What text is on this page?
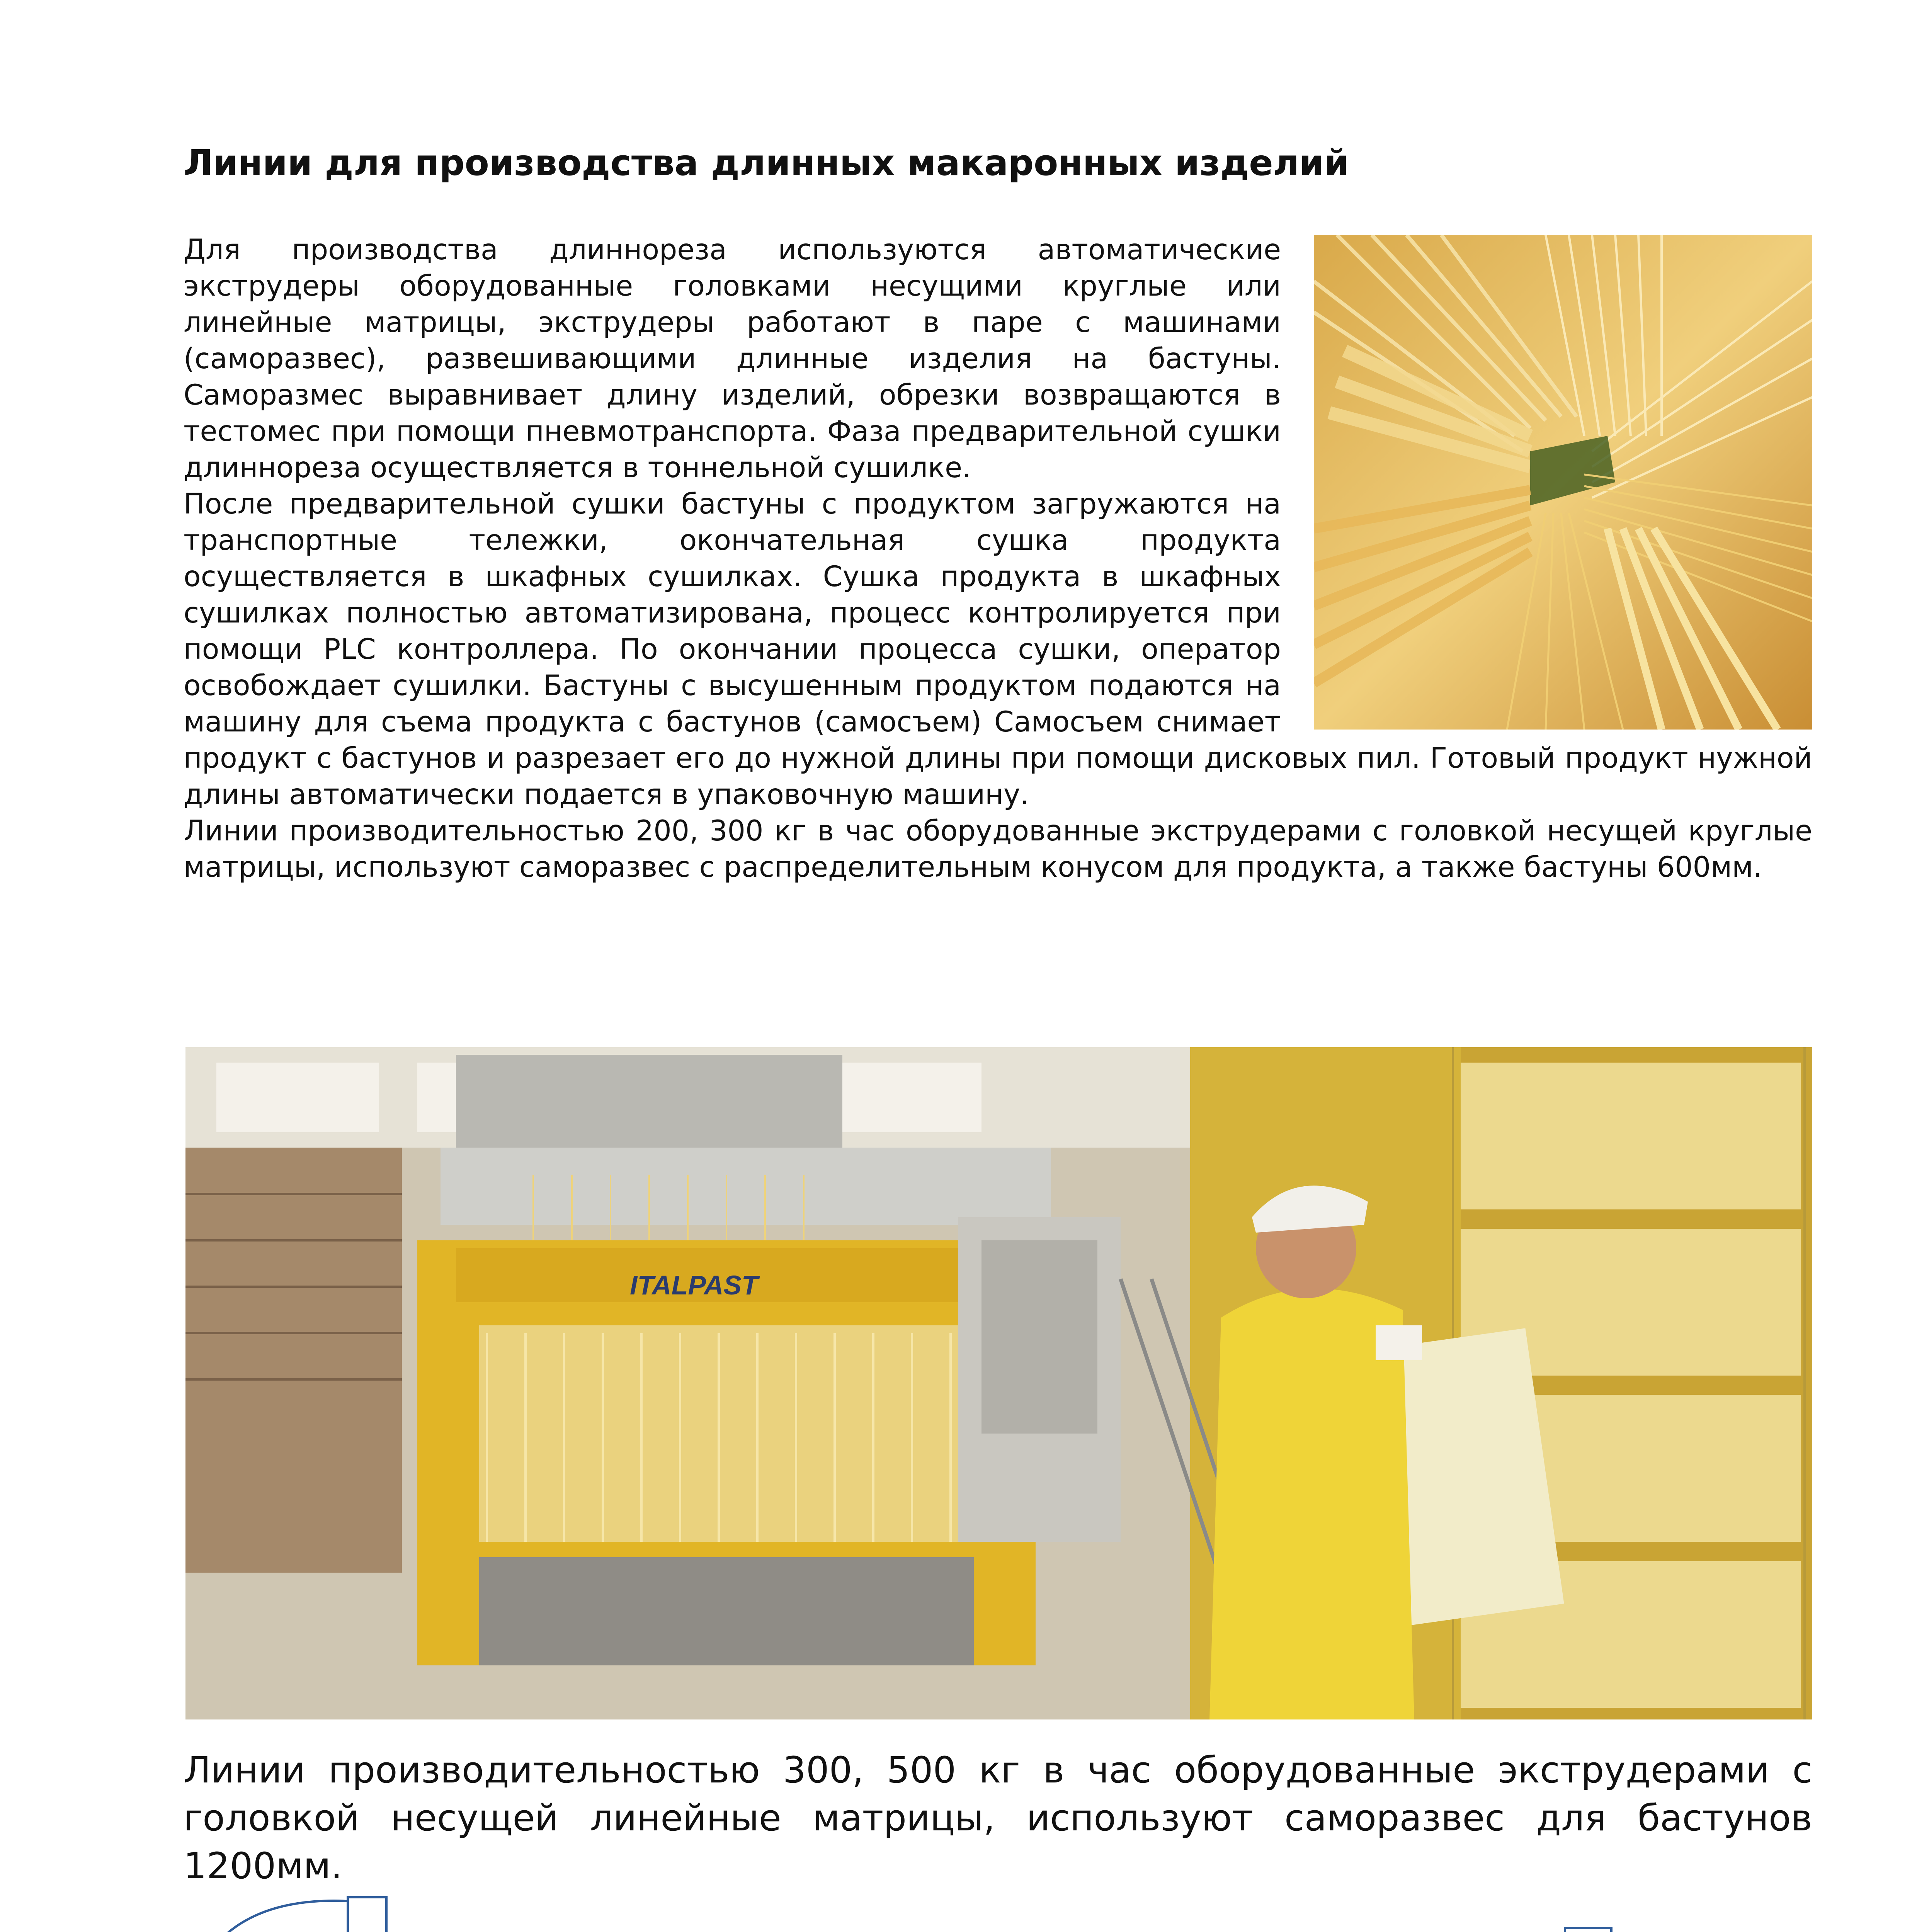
Линии для производства длинных макаронных изделий

Для производства длиннореза используются автоматические экструдеры оборудованные головками несущими круглые или линейные матрицы, экструдеры работают в паре с машинами (саморазвес), развешивающими длинные изделия на бастуны. Саморазмес выравнивает длину изделий, обрезки возвращаются в тестомес при помощи пневмотранспорта. Фаза предварительной сушки длиннореза осуществляется в тоннельной сушилке.

После предварительной сушки бастуны с продуктом загружаются на транспортные тележки, окончательная сушка продукта осуществляется в шкафных сушилках. Сушка продукта в шкафных сушилках полностью автоматизирована, процесс контролируется при помощи PLC контроллера. По окончании процесса сушки, оператор освобождает сушилки. Бастуны с высушенным продуктом подаются на машину для съема продукта с бастунов (самосъем) Самосъем снимает продукт с бастунов и разрезает его до нужной длины при помощи дисковых пил. Готовый продукт нужной длины автоматически подается в упаковочную машину.

Линии производительностью 200, 300 кг в час оборудованные экструдерами с головкой несущей круглые матрицы, используют саморазвес с распределительным конусом для продукта, а также бастуны 600мм.

ITALPAST

Линии производительностью 300, 500 кг в час оборудованные экструдерами с головкой несущей линейные матрицы, используют саморазвес для бастунов 1200мм.
